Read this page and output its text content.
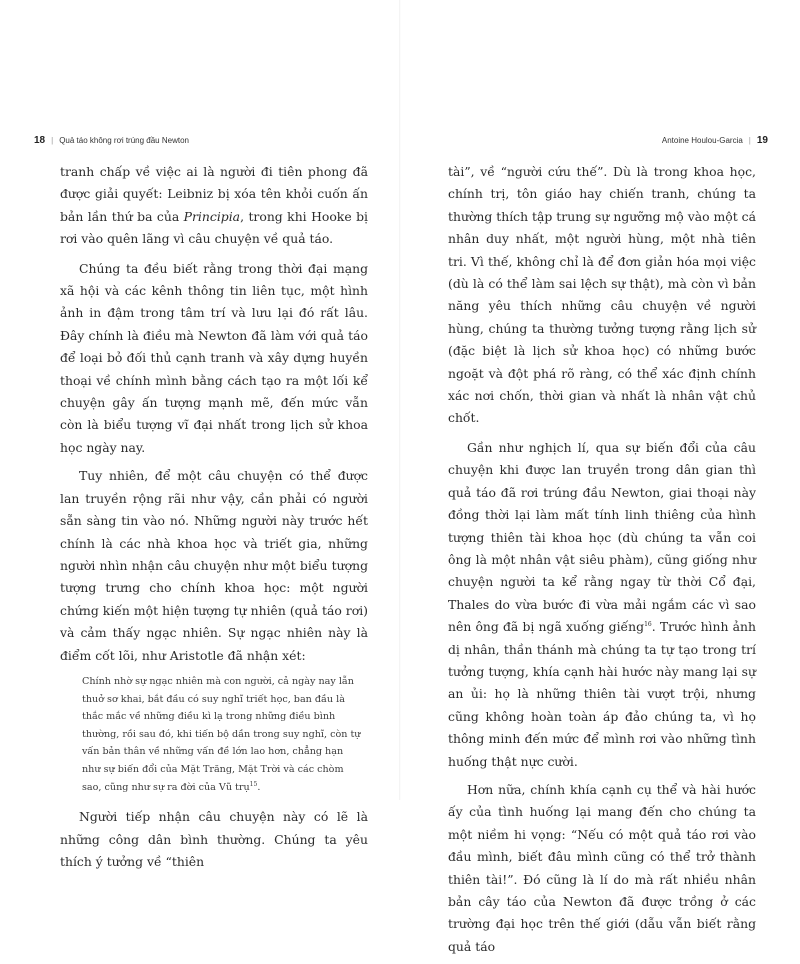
18 | Quả táo không rơi trúng đầu Newton

tranh chấp về việc ai là người đi tiên phong đã được giải quyết: Leibniz bị xóa tên khỏi cuốn ấn bản lần thứ ba của Principia, trong khi Hooke bị rơi vào quên lãng vì câu chuyện về quả táo.

Chúng ta đều biết rằng trong thời đại mạng xã hội và các kênh thông tin liên tục, một hình ảnh in đậm trong tâm trí và lưu lại đó rất lâu. Đây chính là điều mà Newton đã làm với quả táo để loại bỏ đối thủ cạnh tranh và xây dựng huyền thoại về chính mình bằng cách tạo ra một lối kể chuyện gây ấn tượng mạnh mẽ, đến mức vẫn còn là biểu tượng vĩ đại nhất trong lịch sử khoa học ngày nay.

Tuy nhiên, để một câu chuyện có thể được lan truyền rộng rãi như vậy, cần phải có người sẵn sàng tin vào nó. Những người này trước hết chính là các nhà khoa học và triết gia, những người nhìn nhận câu chuyện như một biểu tượng tượng trưng cho chính khoa học: một người chứng kiến một hiện tượng tự nhiên (quả táo rơi) và cảm thấy ngạc nhiên. Sự ngạc nhiên này là điểm cốt lõi, như Aristotle đã nhận xét:

Chính nhờ sự ngạc nhiên mà con người, cả ngày nay lẫn thuở sơ khai, bắt đầu có suy nghĩ triết học, ban đầu là thắc mắc về những điều kì lạ trong những điều bình thường, rồi sau đó, khi tiến bộ dần trong suy nghĩ, còn tự vấn bản thân về những vấn đề lớn lao hơn, chẳng hạn như sự biến đổi của Mặt Trăng, Mặt Trời và các chòm sao, cũng như sự ra đời của Vũ trụ$^{15}$.

Người tiếp nhận câu chuyện này có lẽ là những công dân bình thường. Chúng ta yêu thích ý tưởng về “thiên

Antoine Houlou-Garcia | 19

tài”, về “người cứu thế”. Dù là trong khoa học, chính trị, tôn giáo hay chiến tranh, chúng ta thường thích tập trung sự ngưỡng mộ vào một cá nhân duy nhất, một người hùng, một nhà tiên tri. Vì thế, không chỉ là để đơn giản hóa mọi việc (dù là có thể làm sai lệch sự thật), mà còn vì bản năng yêu thích những câu chuyện về người hùng, chúng ta thường tưởng tượng rằng lịch sử (đặc biệt là lịch sử khoa học) có những bước ngoặt và đột phá rõ ràng, có thể xác định chính xác nơi chốn, thời gian và nhất là nhân vật chủ chốt.

Gần như nghịch lí, qua sự biến đổi của câu chuyện khi được lan truyền trong dân gian thì quả táo đã rơi trúng đầu Newton, giai thoại này đồng thời lại làm mất tính linh thiêng của hình tượng thiên tài khoa học (dù chúng ta vẫn coi ông là một nhân vật siêu phàm), cũng giống như chuyện người ta kể rằng ngay từ thời Cổ đại, Thales do vừa bước đi vừa mải ngắm các vì sao nên ông đã bị ngã xuống giếng$^{16}$. Trước hình ảnh dị nhân, thần thánh mà chúng ta tự tạo trong trí tưởng tượng, khía cạnh hài hước này mang lại sự an ủi: họ là những thiên tài vượt trội, nhưng cũng không hoàn toàn áp đảo chúng ta, vì họ thông minh đến mức để mình rơi vào những tình huống thật nực cười.

Hơn nữa, chính khía cạnh cụ thể và hài hước ấy của tình huống lại mang đến cho chúng ta một niềm hi vọng: “Nếu có một quả táo rơi vào đầu mình, biết đâu mình cũng có thể trở thành thiên tài!”. Đó cũng là lí do mà rất nhiều nhân bản cây táo của Newton đã được trồng ở các trường đại học trên thế giới (dẫu vẫn biết rằng quả táo
